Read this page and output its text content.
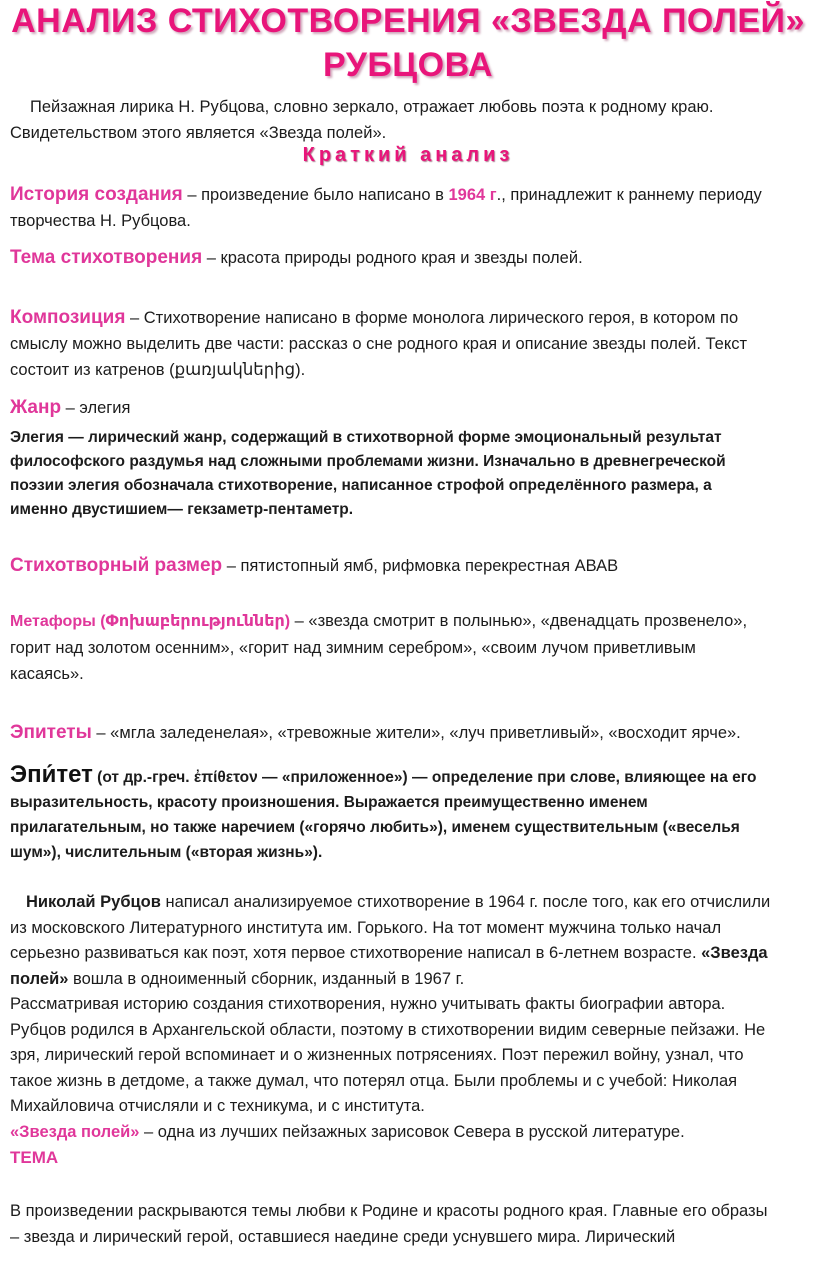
АНАЛИЗ СТИХОТВОРЕНИЯ «ЗВЕЗДА ПОЛЕЙ»
РУБЦОВА
Пейзажная лирика Н. Рубцова, словно зеркало, отражает любовь поэта к родному краю.
Свидетельством этого является «Звезда полей».
Краткий анализ
История создания – произведение было написано в 1964 г., принадлежит к раннему периоду
творчества Н. Рубцова.
Тема стихотворения – красота природы родного края и звезды полей.
Композиция – Стихотворение написано в форме монолога лирического героя, в котором по
смыслу можно выделить две части: рассказ о сне родного края и описание звезды полей. Текст
состоит из катренов (քառյակներից).
Жанр – элегия
Элегия — лирический жанр, содержащий в стихотворной форме эмоциональный результат
философского раздумья над сложными проблемами жизни. Изначально в древнегреческой
поэзии элегия обозначала стихотворение, написанное строфой определённого размера, а
именно двустишием— гекзаметр-пентаметр.
Стихотворный размер – пятистопный ямб, рифмовка перекрестная АВАВ
Метафоры (Փոխաբերություններ) – «звезда смотрит в полынью», «двенадцать прозвенело»,
горит над золотом осенним», «горит над зимним серебром», «своим лучом приветливым
касаясь».
Эпитеты – «мгла заледенелая», «тревожные жители», «луч приветливый», «восходит ярче».
Эпи́тет (от др.-греч. ἐπίθετον — «приложенное») — определение при слове, влияющее на его
выразительность, красоту произношения. Выражается преимущественно именем
прилагательным, но также наречием («горячо любить»), именем существительным («веселья
шум»), числительным («вторая жизнь»).
Николай Рубцов написал анализируемое стихотворение в 1964 г. после того, как его отчислили
из московского Литературного института им. Горького. На тот момент мужчина только начал
серьезно развиваться как поэт, хотя первое стихотворение написал в 6-летнем возрасте. «Звезда
полей» вошла в одноименный сборник, изданный в 1967 г.
Рассматривая историю создания стихотворения, нужно учитывать факты биографии автора.
Рубцов родился в Архангельской области, поэтому в стихотворении видим северные пейзажи. Не
зря, лирический герой вспоминает и о жизненных потрясениях. Поэт пережил войну, узнал, что
такое жизнь в детдоме, а также думал, что потерял отца. Были проблемы и с учебой: Николая
Михайловича отчисляли и с техникума, и с института.
«Звезда полей» – одна из лучших пейзажных зарисовок Севера в русской литературе.
ТЕМА
В произведении раскрываются темы любви к Родине и красоты родного края. Главные его образы
– звезда и лирический герой, оставшиеся наедине среди уснувшего мира. Лирический
